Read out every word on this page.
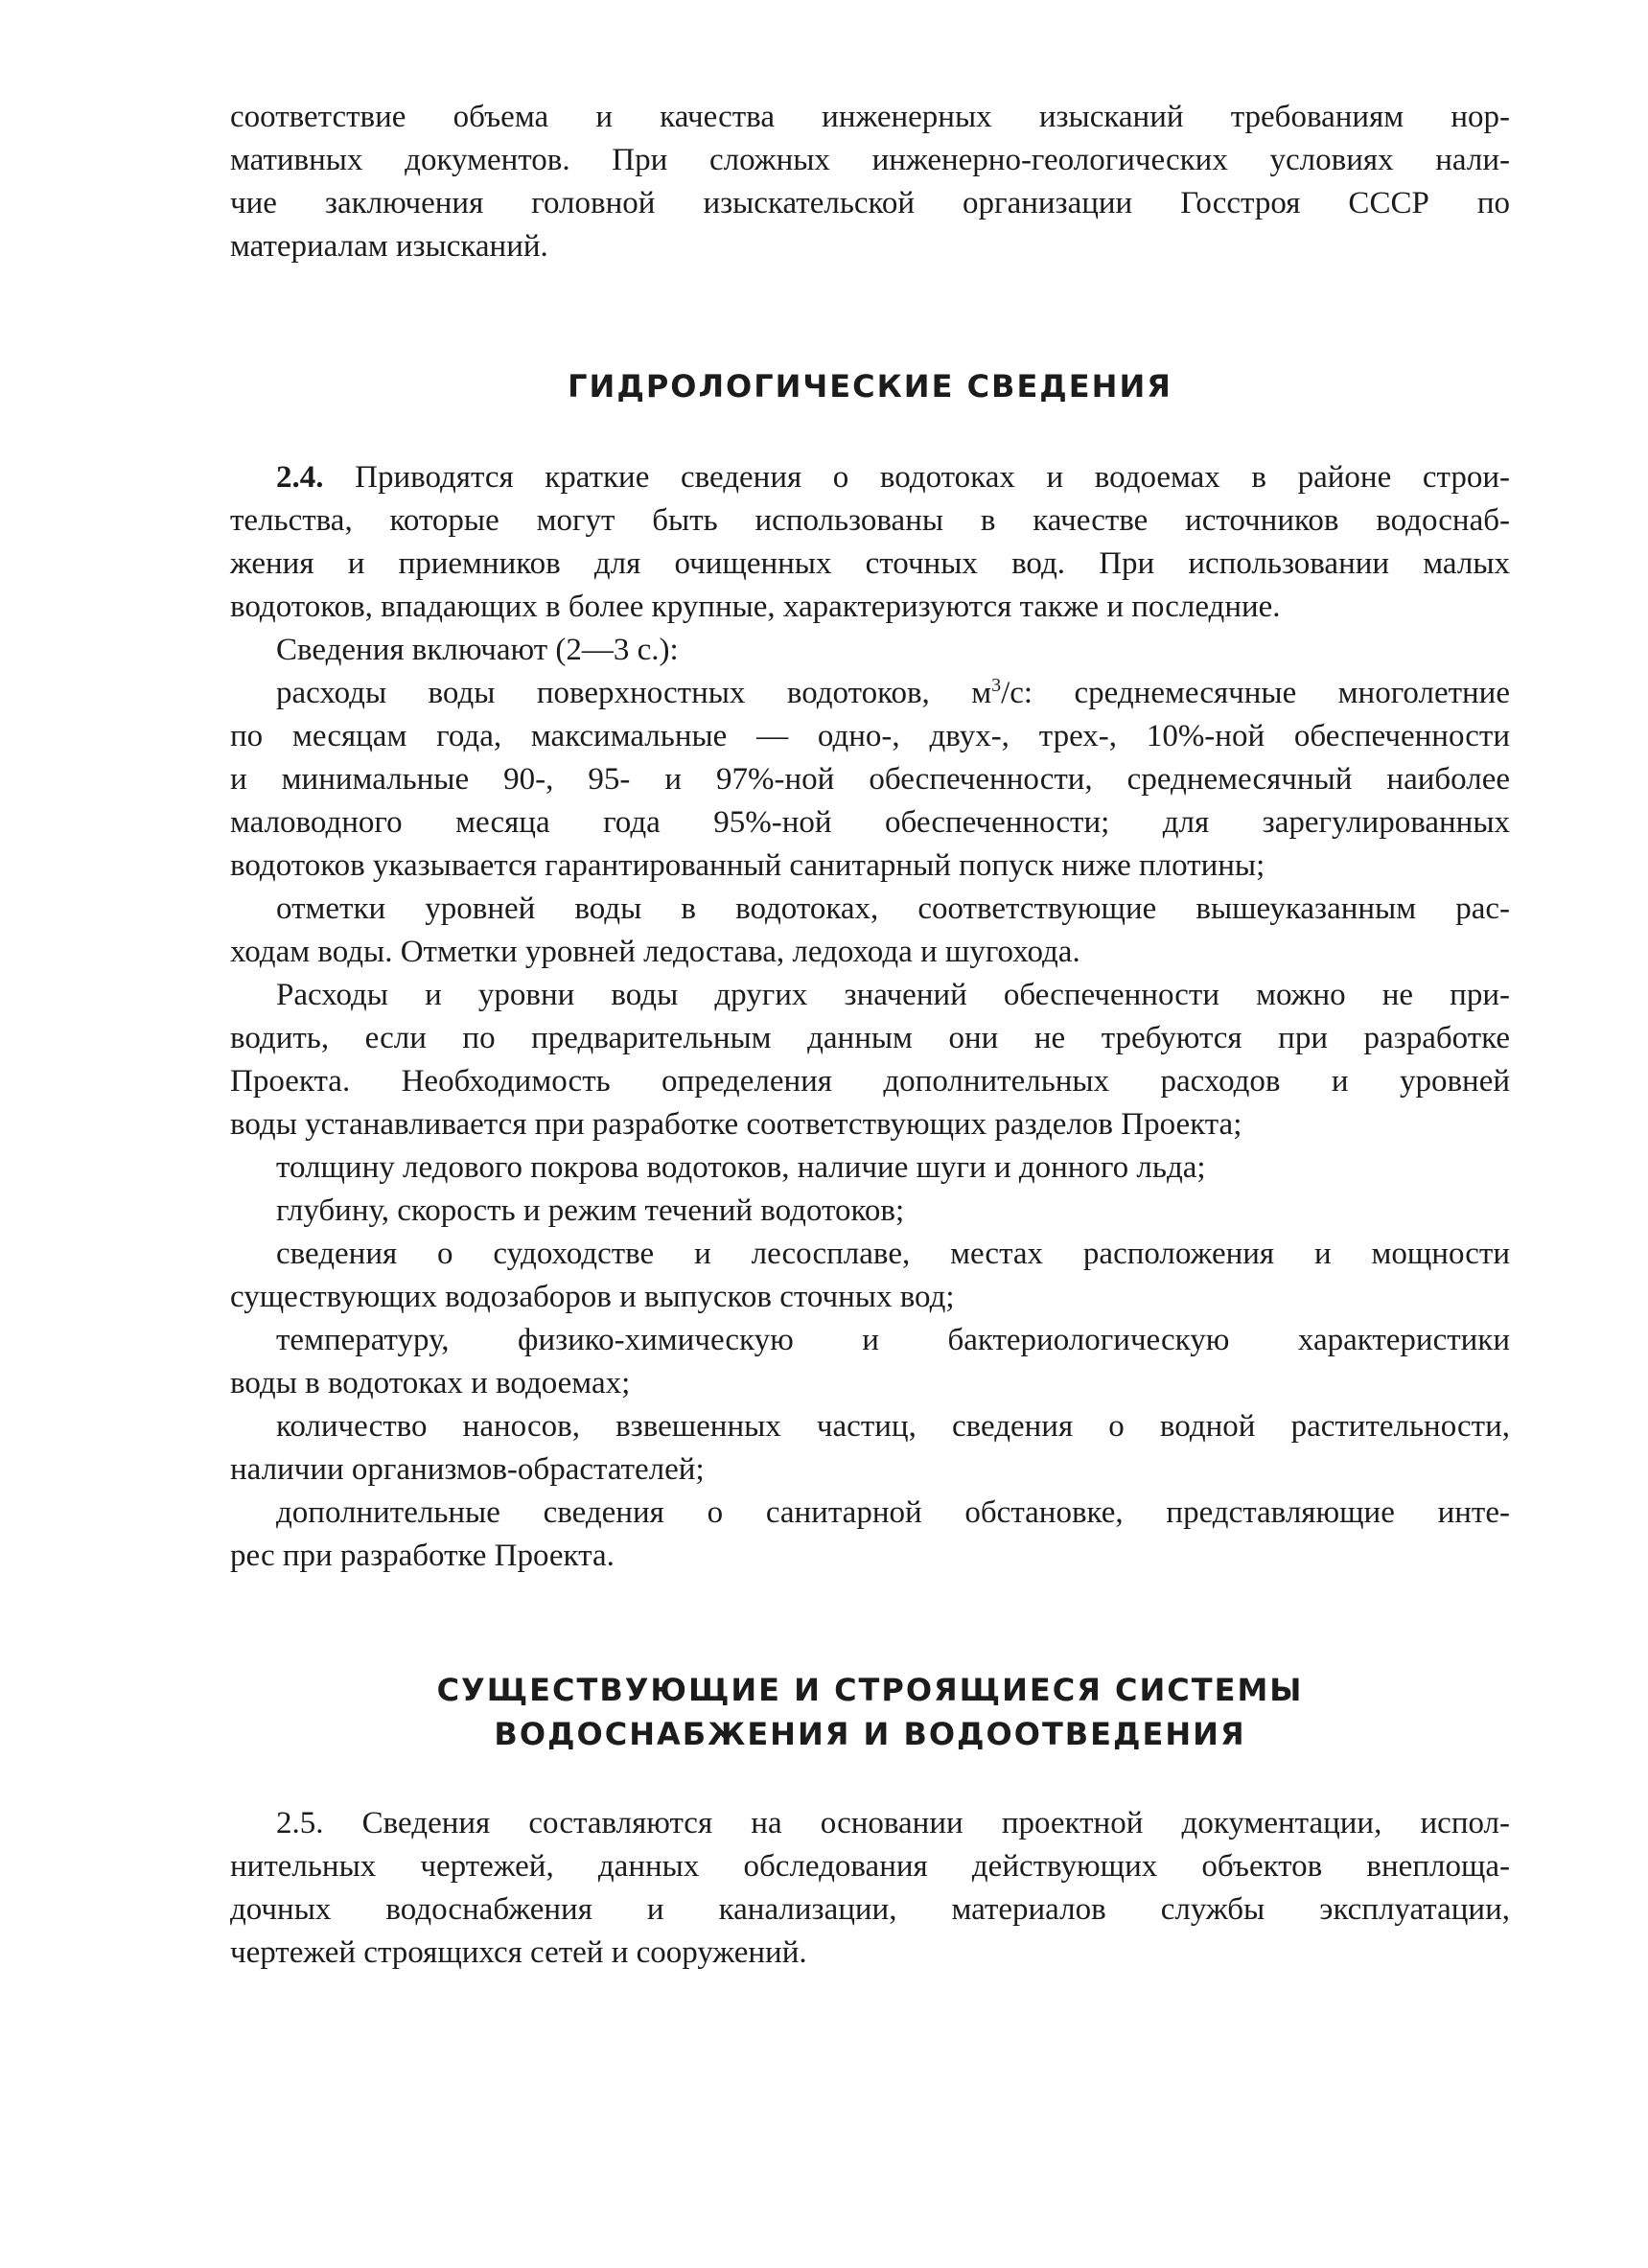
соответствие объема и качества инженерных изысканий требованиям нор-
мативных документов. При сложных инженерно-геологических условиях нали-
чие заключения головной изыскательской организации Госстроя СССР по
материалам изысканий.

ГИДРОЛОГИЧЕСКИЕ СВЕДЕНИЯ

2.4. Приводятся краткие сведения о водотоках и водоемах в районе строи-
тельства, которые могут быть использованы в качестве источников водоснаб-
жения и приемников для очищенных сточных вод. При использовании малых
водотоков, впадающих в более крупные, характеризуются также и последние.

Сведения включают (2—3 с.):

расходы воды поверхностных водотоков, $м^3/с$: среднемесячные многолетние
по месяцам года, максимальные — одно-, двух-, трех-, 10%-ной обеспеченности
и минимальные 90-, 95- и 97%-ной обеспеченности, среднемесячный наиболее
маловодного месяца года 95%-ной обеспеченности; для зарегулированных
водотоков указывается гарантированный санитарный попуск ниже плотины;

отметки уровней воды в водотоках, соответствующие вышеуказанным рас-
ходам воды. Отметки уровней ледостава, ледохода и шугохода.

Расходы и уровни воды других значений обеспеченности можно не при-
водить, если по предварительным данным они не требуются при разработке
Проекта. Необходимость определения дополнительных расходов и уровней
воды устанавливается при разработке соответствующих разделов Проекта;

толщину ледового покрова водотоков, наличие шуги и донного льда;

глубину, скорость и режим течений водотоков;

сведения о судоходстве и лесосплаве, местах расположения и мощности
существующих водозаборов и выпусков сточных вод;

температуру, физико-химическую и бактериологическую характеристики
воды в водотоках и водоемах;

количество наносов, взвешенных частиц, сведения о водной растительности,
наличии организмов-обрастателей;

дополнительные сведения о санитарной обстановке, представляющие инте-
рес при разработке Проекта.

СУЩЕСТВУЮЩИЕ И СТРОЯЩИЕСЯ СИСТЕМЫ
ВОДОСНАБЖЕНИЯ И ВОДООТВЕДЕНИЯ

2.5. Сведения составляются на основании проектной документации, испол-
нительных чертежей, данных обследования действующих объектов внеплоща-
дочных водоснабжения и канализации, материалов службы эксплуатации,
чертежей строящихся сетей и сооружений.
